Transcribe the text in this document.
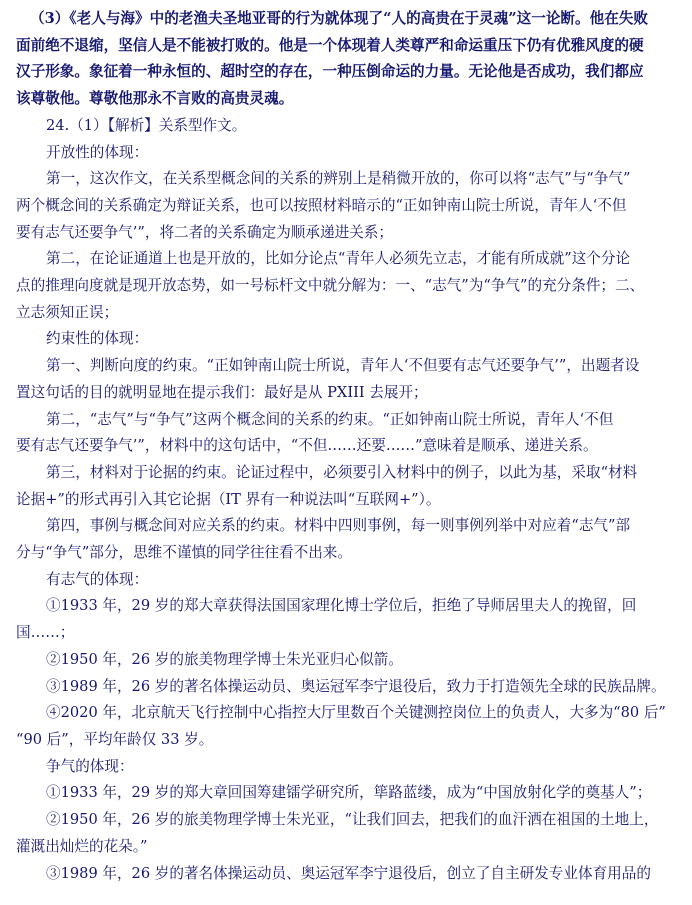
（3）《老人与海》中的老渔夫圣地亚哥的行为就体现了“人的高贵在于灵魂”这一论断。他在失败

面前绝不退缩，坚信人是不能被打败的。他是一个体现着人类尊严和命运重压下仍有优雅风度的硬

汉子形象。象征着一种永恒的、超时空的存在，一种压倒命运的力量。无论他是否成功，我们都应

该尊敬他。尊敬他那永不言败的高贵灵魂。

24.（1）【解析】关系型作文。

开放性的体现：

第一，这次作文，在关系型概念间的关系的辨别上是稍微开放的，你可以将“志气”与“争气”

两个概念间的关系确定为辩证关系，也可以按照材料暗示的“正如钟南山院士所说，青年人‘不但

要有志气还要争气’”，将二者的关系确定为顺承递进关系；

第二，在论证通道上也是开放的，比如分论点“青年人必须先立志，才能有所成就”这个分论

点的推理向度就是现开放态势，如一号标杆文中就分解为：一、“志气”为“争气”的充分条件；二、

立志须知正误；

约束性的体现：

第一、判断向度的约束。“正如钟南山院士所说，青年人‘不但要有志气还要争气’”，出题者设

置这句话的目的就明显地在提示我们：最好是从 PXIII 去展开；

第二，“志气”与“争气”这两个概念间的关系的约束。“正如钟南山院士所说，青年人‘不但

要有志气还要争气’”，材料中的这句话中，“不但……还要……”意味着是顺承、递进关系。

第三，材料对于论据的约束。论证过程中，必须要引入材料中的例子，以此为基，采取“材料

论据+”的形式再引入其它论据（IT 界有一种说法叫“互联网+”）。

第四，事例与概念间对应关系的约束。材料中四则事例，每一则事例列举中对应着“志气”部

分与“争气”部分，思维不谨慎的同学往往看不出来。

有志气的体现：

①1933 年，29 岁的郑大章获得法国国家理化博士学位后，拒绝了导师居里夫人的挽留，回

国……；

②1950 年，26 岁的旅美物理学博士朱光亚归心似箭。

③1989 年，26 岁的著名体操运动员、奥运冠军李宁退役后，致力于打造领先全球的民族品牌。

④2020 年，北京航天飞行控制中心指控大厅里数百个关键测控岗位上的负责人，大多为“80 后”

“90 后”，平均年龄仅 33 岁。

争气的体现：

①1933 年，29 岁的郑大章回国筹建镭学研究所，筚路蓝缕，成为“中国放射化学的奠基人”；

②1950 年，26 岁的旅美物理学博士朱光亚，“让我们回去，把我们的血汗洒在祖国的土地上，

灌溉出灿烂的花朵。”

③1989 年，26 岁的著名体操运动员、奥运冠军李宁退役后，创立了自主研发专业体育用品的
